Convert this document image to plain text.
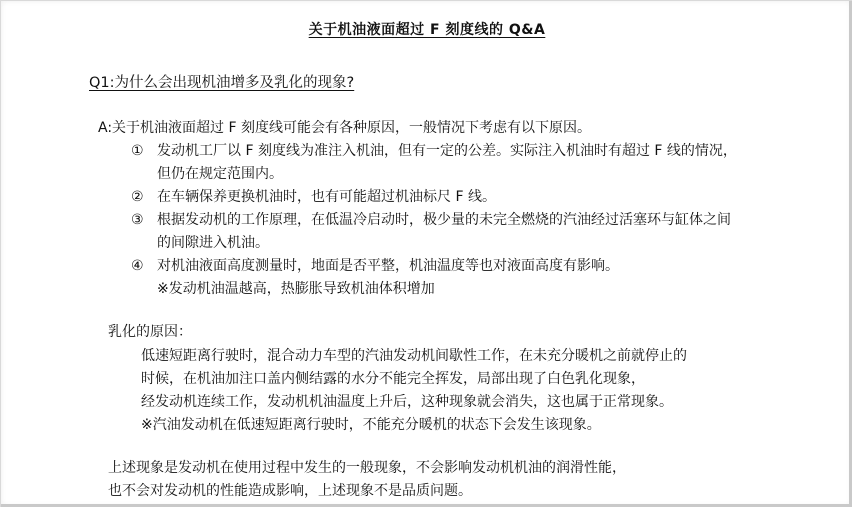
关于机油液面超过 F 刻度线的 Q&A
Q1:为什么会出现机油增多及乳化的现象?
A:关于机油液面超过 F 刻度线可能会有各种原因，一般情况下考虑有以下原因。
① 发动机工厂以 F 刻度线为准注入机油，但有一定的公差。实际注入机油时有超过 F 线的情况，
但仍在规定范围内。
② 在车辆保养更换机油时，也有可能超过机油标尺 F 线。
③ 根据发动机的工作原理，在低温冷启动时，极少量的未完全燃烧的汽油经过活塞环与缸体之间
的间隙进入机油。
④ 对机油液面高度测量时，地面是否平整，机油温度等也对液面高度有影响。
※发动机油温越高，热膨胀导致机油体积增加
乳化的原因：
低速短距离行驶时，混合动力车型的汽油发动机间歇性工作，在未充分暖机之前就停止的
时候，在机油加注口盖内侧结露的水分不能完全挥发，局部出现了白色乳化现象，
经发动机连续工作，发动机机油温度上升后，这种现象就会消失，这也属于正常现象。
※汽油发动机在低速短距离行驶时，不能充分暖机的状态下会发生该现象。
上述现象是发动机在使用过程中发生的一般现象，不会影响发动机机油的润滑性能，
也不会对发动机的性能造成影响，上述现象不是品质问题。
